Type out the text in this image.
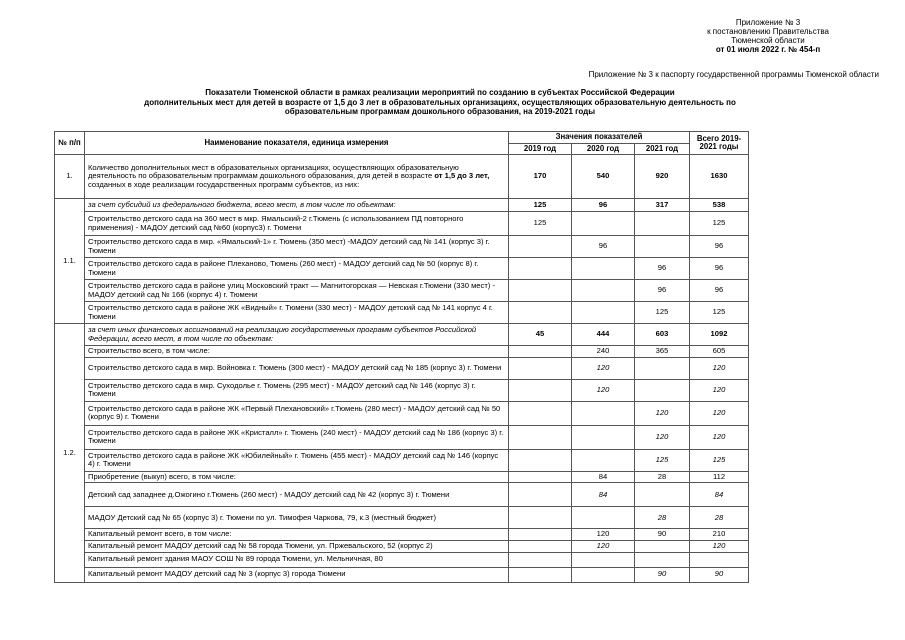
Приложение № 3
к постановлению Правительства
Тюменской области
от 01 июля 2022 г. № 454-п
Приложение № 3 к паспорту государственной программы Тюменской области
Показатели Тюменской области в рамках реализации мероприятий по созданию в субъектах Российской Федерации
дополнительных мест для детей в возрасте от 1,5 до 3 лет в образовательных организациях, осуществляющих образовательную деятельность по
образовательным программам дошкольного образования, на 2019-2021 годы
№ п/п	Наименование показателя, единица измерения	Значения показателей			Всего 2019-2021 годы
		2019 год	2020 год	2021 год	
1.	Количество дополнительных мест в образовательных организациях, осуществляющих образовательную деятельность по образовательным программам дошкольного образования, для детей в возрасте от 1,5 до 3 лет, созданных в ходе реализации государственных программ субъектов, из них:	170	540	920	1630
1.1.	за счет субсидий из федерального бюджета, всего мест, в том числе по объектам:	125	96	317	538
	Строительство детского сада на 360 мест в мкр. Ямальский-2 г.Тюмень (с использованием ПД повторного применения) - МАДОУ детский сад №60 (корпус3) г. Тюмени	125			125
	Строительство детского сада в мкр. «Ямальский-1» г. Тюмень (350 мест) -МАДОУ детский сад № 141 (корпус 3) г. Тюмени		96		96
	Строительство детского сада в районе Плеханово, Тюмень (260 мест) - МАДОУ детский сад № 50 (корпус 8) г. Тюмени			96	96
	Строительство детского сада в районе улиц Московский тракт — Магнитогорская — Невская г.Тюмени (330 мест) - МАДОУ детский сад № 166 (корпус 4) г. Тюмени			96	96
	Строительство детского сада в районе ЖК «Видный» г. Тюмени (330 мест) - МАДОУ детский сад № 141 корпус 4 г. Тюмени			125	125
1.2.	за счет иных финансовых ассигнований на реализацию государственных программ субъектов Российской Федерации, всего мест, в том числе по объектам:	45	444	603	1092
	Строительство всего, в том числе:		240	365	605
	Строительство детского сада в мкр. Войновка г. Тюмень (300 мест) - МАДОУ детский сад № 185 (корпус 3) г. Тюмени		120		120
	Строительство детского сада в мкр. Суходолье г. Тюмень (295 мест) - МАДОУ детский сад № 146 (корпус 3) г. Тюмени		120		120
	Строительство детского сада в районе ЖК «Первый Плехановский» г.Тюмень (280 мест) - МАДОУ детский сад № 50 (корпус 9) г. Тюмени			120	120
	Строительство детского сада в районе ЖК «Кристалл» г. Тюмень (240 мест) - МАДОУ детский сад № 186 (корпус 3) г. Тюмени			120	120
	Строительство детского сада в районе ЖК «Юбилейный» г. Тюмень (455 мест) - МАДОУ детский сад № 146 (корпус 4) г. Тюмени			125	125
	Приобретение (выкуп) всего, в том числе:		84	28	112
	Детский сад западнее д.Ожогино г.Тюмень (260 мест) - МАДОУ детский сад № 42 (корпус 3) г. Тюмени		84		84
	МАДОУ Детский сад № 65 (корпус 3) г. Тюмени по ул. Тимофея Чаркова, 79, к.3 (местный бюджет)			28	28
	Капитальный ремонт всего, в том числе:		120	90	210
	Капитальный ремонт МАДОУ детский сад № 58 города Тюмени, ул. Пржевальского, 52 (корпус 2)		120		120
	Капитальный ремонт здания МАОУ СОШ № 89 города Тюмени, ул. Мельничная, 80				
	Капитальный ремонт МАДОУ детский сад № 3 (корпус 3) города Тюмени			90	90
